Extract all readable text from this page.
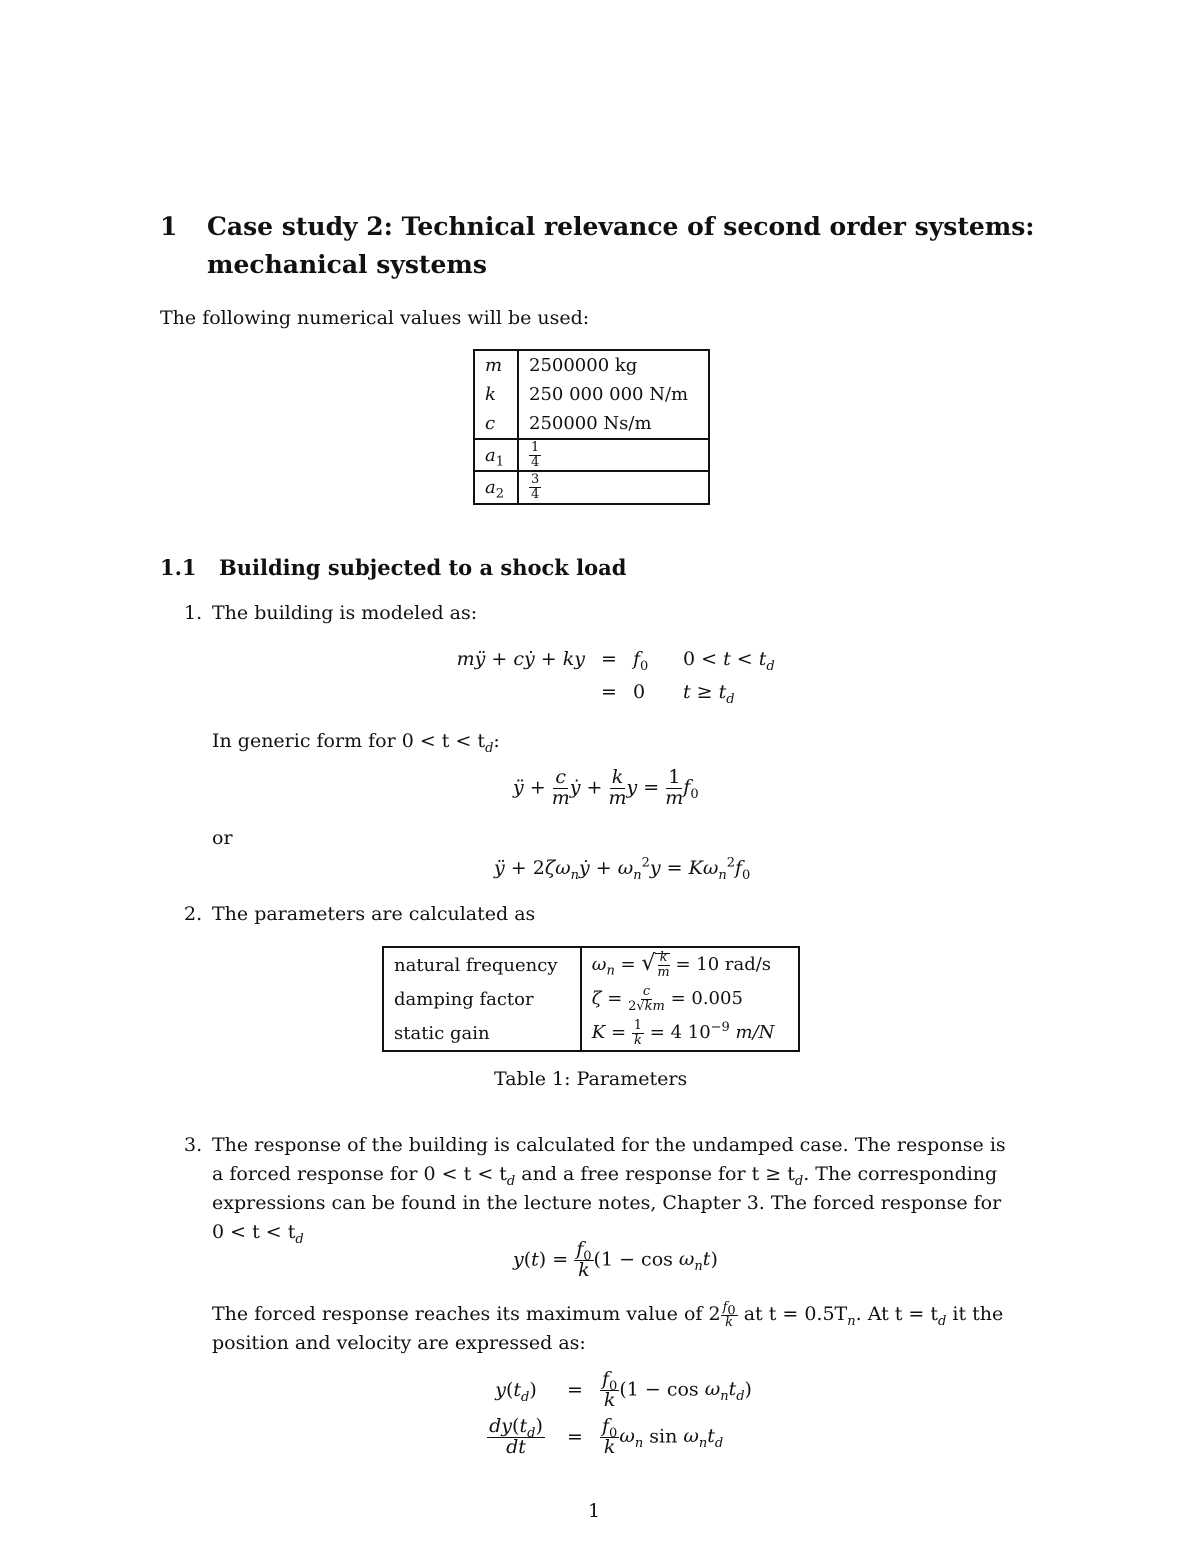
1 Case study 2: Technical relevance of second order systems:
mechanical systems
The following numerical values will be used:
m	2500000 kg
k	250 000 000 N/m
c	250000 Ns/m
$a_1$	$\frac{1}{4}$

$a_2$	$\frac{3}{4}$
1.1 Building subjected to a shock load
1. The building is modeled as:
mÿ + cẏ + ky = $f_0$	$0 < t < t_d$
= 0	$t \ge t_d$
In generic form for $0 < t < t_d$:
ÿ + $\frac{c}{m}$ ẏ + $\frac{k}{m}$ $y = \frac{1}{m} f_0$
or
ÿ + $2\zeta\omega_nẏ + \omega_n^2y = K\omega_n^2f_0$
2. The parameters are calculated as
natural frequency	$\omega_n$ = √ $\frac{k}{m} = 10$ rad/s
damping factor	$\zeta = \frac{c}{2√km} = 0.005$
static gain	$K = \frac{1}{k} = 4$ $10^{-9}$ m/N
Table 1: Parameters
3. The response of the building is calculated for the undamped case. The response is
a forced response for $0 < t < t_d$ and a free response for $t \ge t_d$. The corresponding
expressions can be found in the lecture notes, Chapter 3. The forced response for
$0 < t < t_d$
$y(t) = \frac{f_0}{k} (1 - \cos \omega_nt)$
The forced response reaches its maximum value of $2 \frac{f_0}{k}$ at $t = 0.5T_n$. At $t = t_d$ it the
position and velocity are expressed as:
$y(t_d)$	= $\frac{f_0}{k} (1 - \cos \omega_nt_d)$
$\frac{dy(t_d)}{dt}$	= $\frac{f_0}{k} \omega_n$ $\sin \omega_nt_d$
1
